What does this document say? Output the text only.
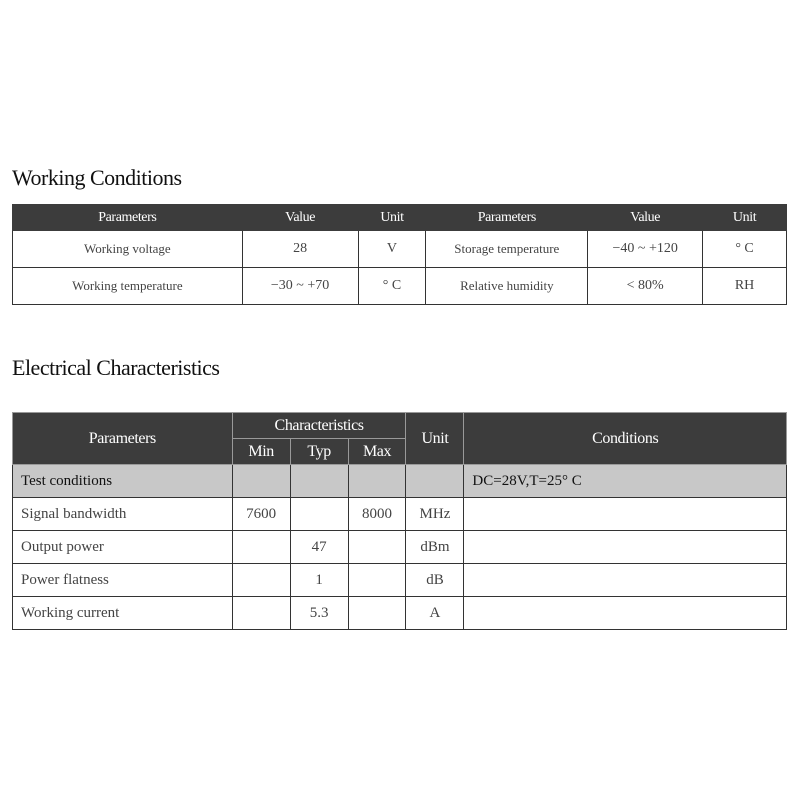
Working Conditions
Parameters	Value	Unit	Parameters	Value	Unit
Working voltage	28	V	Storage temperature	−40 ~ +120	° C
Working temperature	−30 ~ +70	° C	Relative humidity	< 80%	RH
Electrical Characteristics
Parameters	Characteristics			Unit	Conditions
	Min	Typ	Max		
Test conditions					DC=28V,T=25° C
Signal bandwidth	7600		8000	MHz	
Output power		47		dBm	
Power flatness		1		dB	
Working current		5.3		A	
